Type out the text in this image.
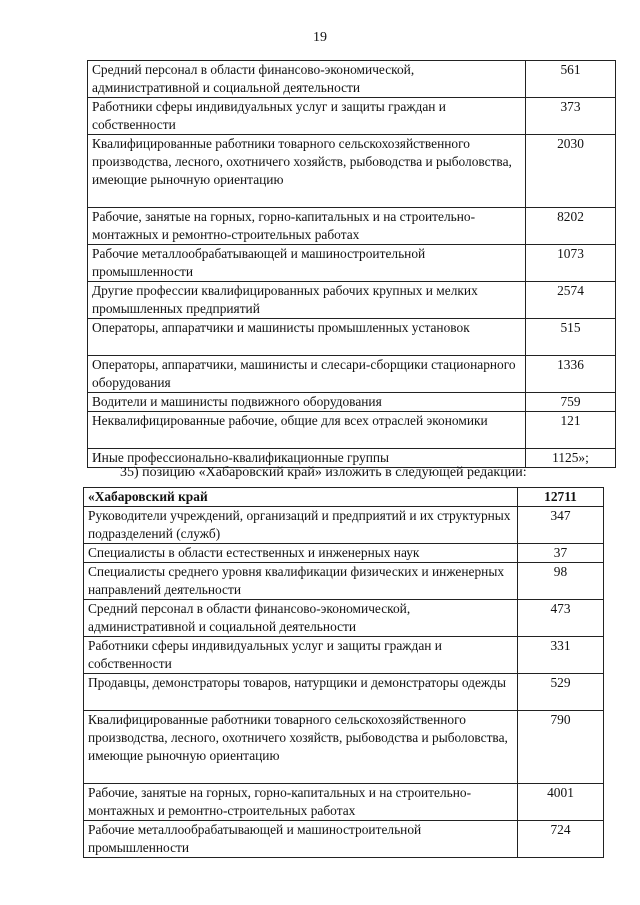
19
Средний персонал в области финансово-экономической, административной и социальной деятельности	561
Работники сферы индивидуальных услуг и защиты граждан и собственности	373
Квалифицированные работники товарного сельскохозяйственного производства, лесного, охотничего хозяйств, рыбоводства и рыболовства, имеющие рыночную ориентацию	2030
Рабочие, занятые на горных, горно-капитальных и на строительно-монтажных и ремонтно-строительных работах	8202
Рабочие металлообрабатывающей и машиностроительной промышленности	1073
Другие профессии квалифицированных рабочих крупных и мелких промышленных предприятий	2574
Операторы, аппаратчики и машинисты промышленных установок	515
Операторы, аппаратчики, машинисты и слесари-сборщики стационарного оборудования	1336
Водители и машинисты подвижного оборудования	759
Неквалифицированные рабочие, общие для всех отраслей экономики	121
Иные профессионально-квалификационные группы	1125»;
35) позицию «Хабаровский край» изложить в следующей редакции:
«Хабаровский край	12711
Руководители учреждений, организаций и предприятий и их структурных подразделений (служб)	347
Специалисты в области естественных и инженерных наук	37
Специалисты среднего уровня квалификации физических и инженерных направлений деятельности	98
Средний персонал в области финансово-экономической, административной и социальной деятельности	473
Работники сферы индивидуальных услуг и защиты граждан и собственности	331
Продавцы, демонстраторы товаров, натурщики и демонстраторы одежды	529
Квалифицированные работники товарного сельскохозяйственного производства, лесного, охотничего хозяйств, рыбоводства и рыболовства, имеющие рыночную ориентацию	790
Рабочие, занятые на горных, горно-капитальных и на строительно-монтажных и ремонтно-строительных работах	4001
Рабочие металлообрабатывающей и машиностроительной промышленности	724
